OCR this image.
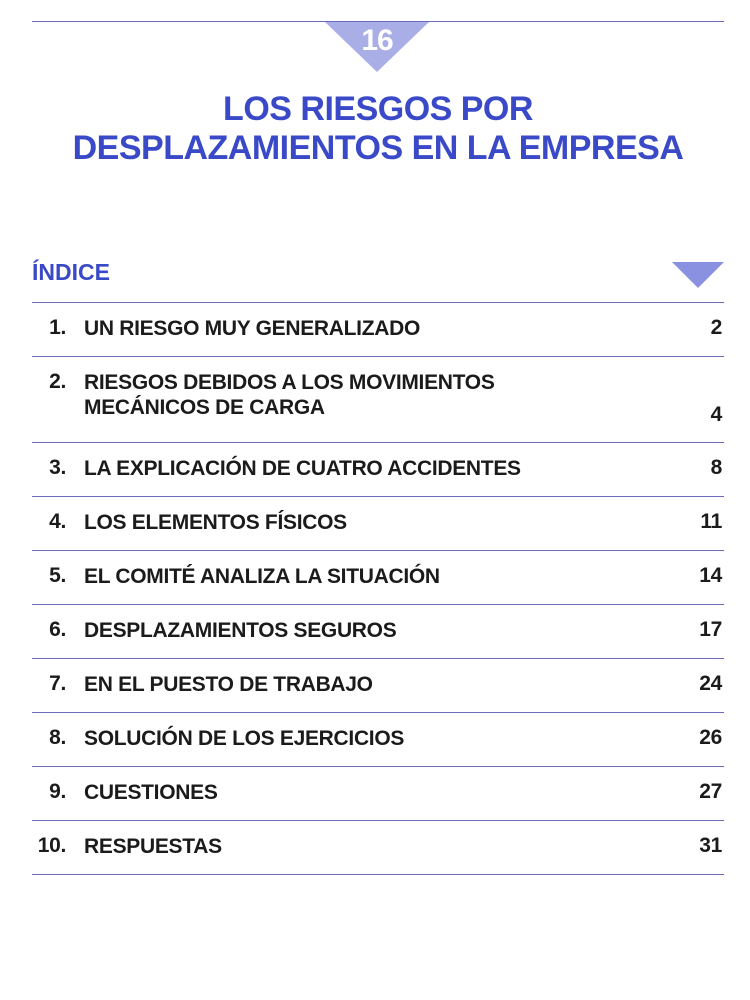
16
LOS RIESGOS POR
DESPLAZAMIENTOS EN LA EMPRESA
ÍNDICE
1. UN RIESGO MUY GENERALIZADO	2
2. RIESGOS DEBIDOS A LOS MOVIMIENTOS
MECÁNICOS DE CARGA	4
3. LA EXPLICACIÓN DE CUATRO ACCIDENTES	8
4. LOS ELEMENTOS FÍSICOS	11
5. EL COMITÉ ANALIZA LA SITUACIÓN	14
6. DESPLAZAMIENTOS SEGUROS	17
7. EN EL PUESTO DE TRABAJO	24
8. SOLUCIÓN DE LOS EJERCICIOS	26
9. CUESTIONES	27
10. RESPUESTAS	31
